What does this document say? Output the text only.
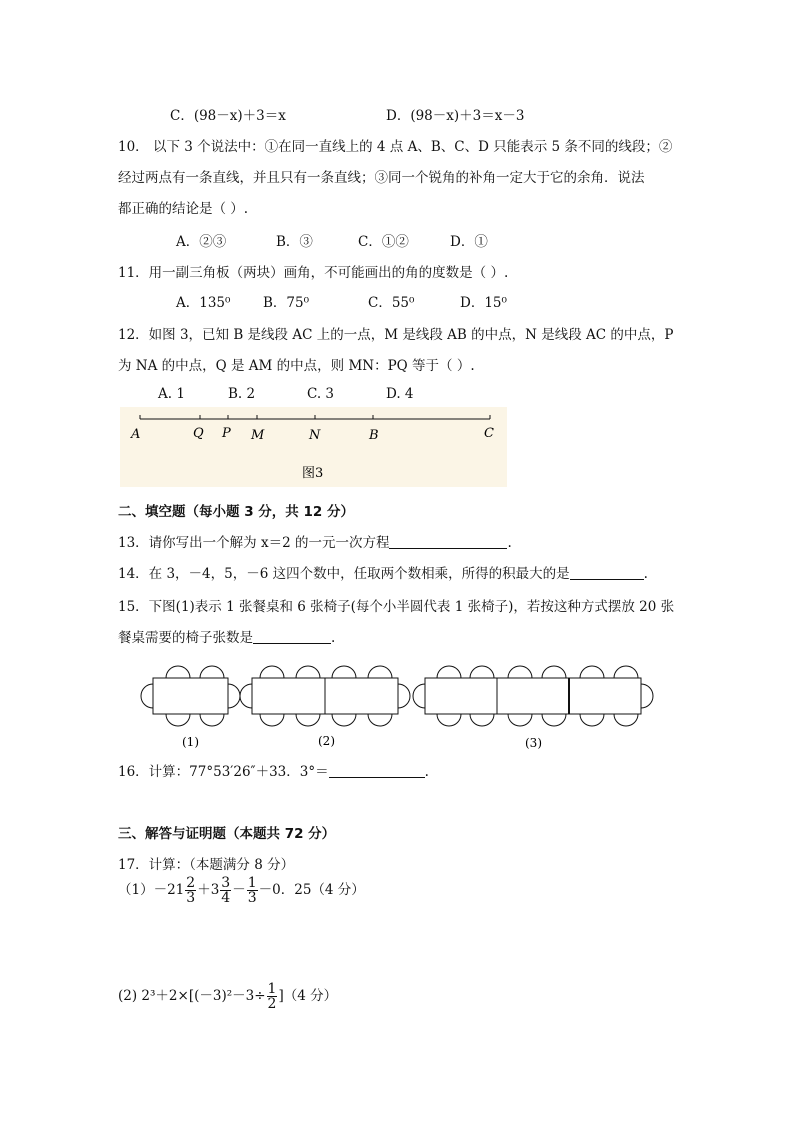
C．(98－x)＋3＝x	D．(98－x)＋3＝x－3
10． 以下 3 个说法中：①在同一直线上的 4 点 A、B、C、D 只能表示 5 条不同的线段；②
经过两点有一条直线，并且只有一条直线；③同一个锐角的补角一定大于它的余角．说法
都正确的结论是（ ）.
A．②③	B．③	C．①②	D．①
11．用一副三角板（两块）画角，不可能画出的角的度数是（ ）.
A．135⁰ B．75⁰	C．55⁰	D．15⁰
12．如图 3，已知 B 是线段 AC 上的一点，M 是线段 AB 的中点，N 是线段 AC 的中点，P
为 NA 的中点，Q 是 AM 的中点，则 MN：PQ 等于（ ）.
A. 1	B. 2	C. 3	D. 4
A	Q P M	N	B	C
图3
二、填空题（每小题 3 分，共 12 分）
13．请你写出一个解为 x＝2 的一元一次方程	.
14．在 3，－4，5，－6 这四个数中，任取两个数相乘，所得的积最大的是	.
15．下图(1)表示 1 张餐桌和 6 张椅子(每个小半圆代表 1 张椅子)，若按这种方式摆放 20 张
餐桌需要的椅子张数是	.
(1)	(2)	(3)
16．计算：77°53′26″＋33．3°＝	.
三、解答与证明题（本题共 72 分）
17．计算：（本题满分 8 分）
$(1)-21 \frac{2}{3} +3 \frac{3}{4} - \frac{1}{3} -0$．25（4 分）
(2) $2^3+2\times[(-3)^2-3\div \frac{1}{2} ](4$ 分）
